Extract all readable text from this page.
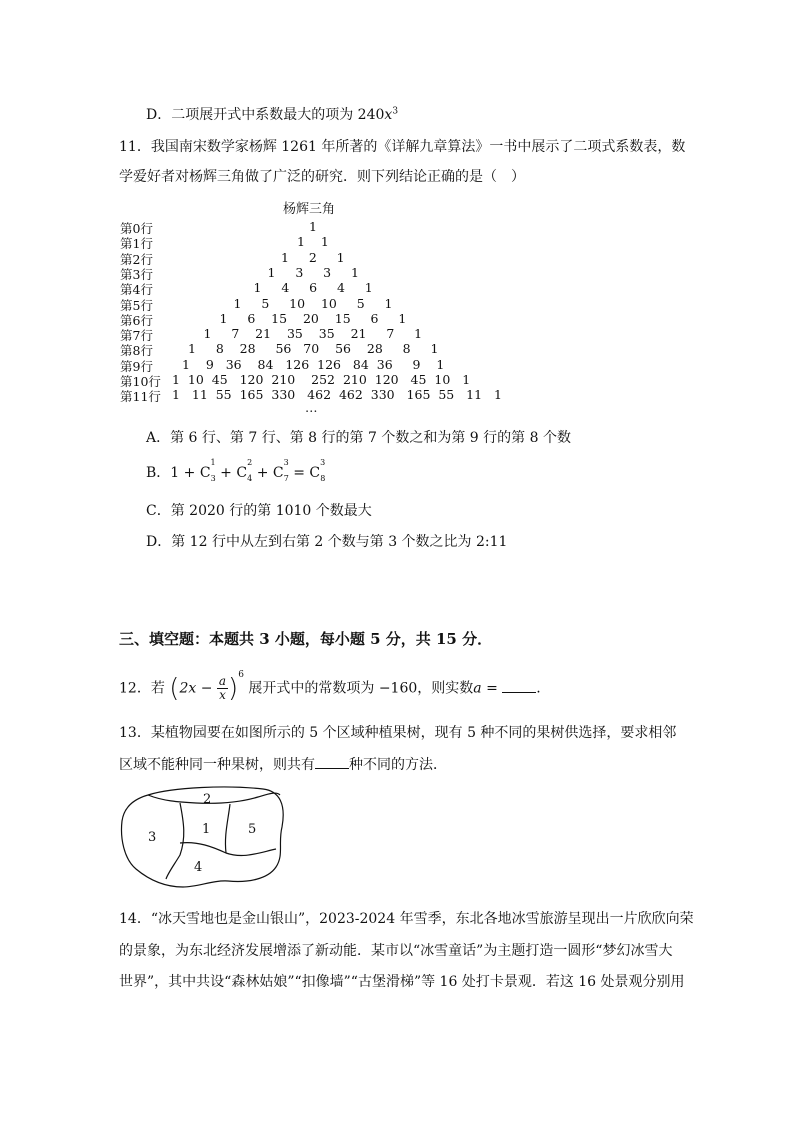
D．二项展开式中系数最大的项为 $240x^3$
11．我国南宋数学家杨辉 1261 年所著的《详解九章算法》一书中展示了二项式系数表，数
学爱好者对杨辉三角做了广泛的研究．则下列结论正确的是（　）
杨辉三角
第0行	1
第1行	1    1
第2行	1     2     1
第3行	1     3     3     1
第4行	1     4     6     4     1
第5行	1     5     10    10     5     1
第6行	1     6    15    20    15     6     1
第7行	1     7    21    35    35    21     7     1
第8行	1     8    28     56   70    56    28     8     1
第9行 1    9   36    84   126  126   84  36     9    1
第10行 1  10  45   120  210    252  210  120   45  10   1
第11行 1   11  55  165  330   462  462  330   165  55   11   1
…
A．第 6 行、第 7 行、第 8 行的第 7 个数之和为第 9 行的第 8 个数
B．$1 + C^1_3 + C^2_4 + C^3_7 = C^3_8$
C．第 2020 行的第 1010 个数最大
D．第 12 行中从左到右第 2 个数与第 3 个数之比为 2:11
三、填空题：本题共 3 小题，每小题 5 分，共 15 分．
12．若 $(2x - \frac{a}{x} )^6$ 展开式中的常数项为 −160，则实数a =	.
13．某植物园要在如图所示的 5 个区域种植果树，现有 5 种不同的果树供选择，要求相邻
区域不能种同一种果树，则共有 种不同的方法．
2
1	5
3
4
14．“冰天雪地也是金山银山”，2023-2024 年雪季，东北各地冰雪旅游呈现出一片欣欣向荣
的景象，为东北经济发展增添了新动能．某市以“冰雪童话”为主题打造一圆形“梦幻冰雪大
世界”，其中共设“森林姑娘”“扣像墙”“古堡滑梯”等 16 处打卡景观．若这 16 处景观分别用
